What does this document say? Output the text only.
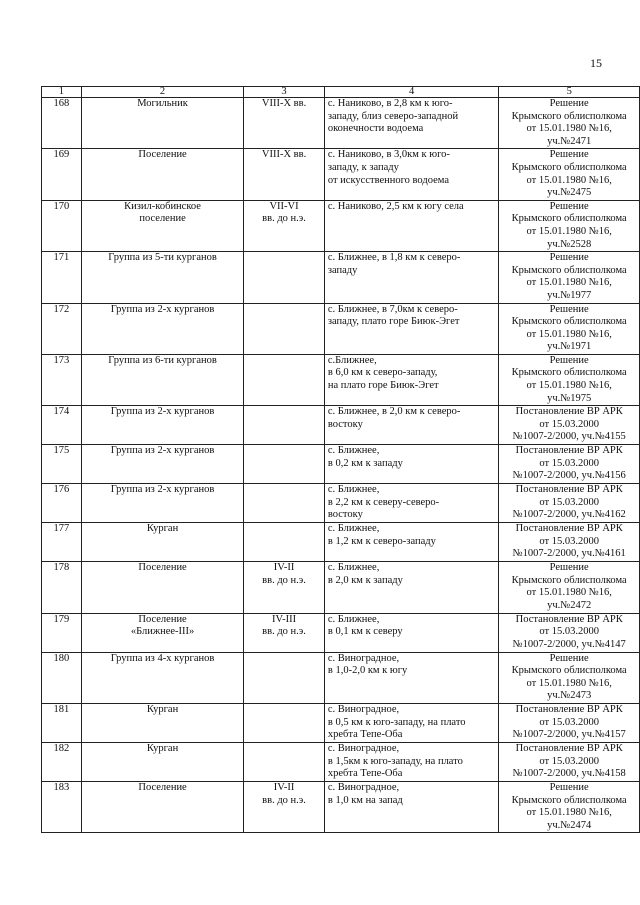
15
1	2	3	4	5
168	Могильник	VIII-X вв.	с. Наниково, в 2,8 км к юго-
западу, близ северо-западной
оконечности водоема	Решение
Крымского облисполкома
от 15.01.1980 №16,
уч.№2471

169	Поселение	VIII-X вв.	с. Наниково, в 3,0км к юго-
западу, к западу
от искусственного водоема	Решение
Крымского облисполкома
от 15.01.1980 №16,
уч.№2475

170	Кизил-кобинское
поселение	VII-VI
вв. до н.э.	с. Наниково, 2,5 км к югу села	Решение
Крымского облисполкома
от 15.01.1980 №16,
уч.№2528

171	Группа из 5-ти курганов		с. Ближнее, в 1,8 км к северо-
западу	Решение
Крымского облисполкома
от 15.01.1980 №16,
уч.№1977

172	Группа из 2-х курганов		с. Ближнее, в 7,0км к северо-
западу, плато горе Биюк-Эгет	Решение
Крымского облисполкома
от 15.01.1980 №16,
уч.№1971

173	Группа из 6-ти курганов		с.Ближнее,
в 6,0 км к северо-западу,
на плато горе Биюк-Эгет	Решение
Крымского облисполкома
от 15.01.1980 №16,
уч.№1975

174	Группа из 2-х курганов		с. Ближнее, в 2,0 км к северо-
востоку	Постановление ВР АРК
от 15.03.2000
№1007-2/2000, уч.№4155

175	Группа из 2-х курганов		с. Ближнее,
в 0,2 км к западу	Постановление ВР АРК
от 15.03.2000
№1007-2/2000, уч.№4156

176	Группа из 2-х курганов		с. Ближнее,
в 2,2 км к северу-северо-
востоку	Постановление ВР АРК
от 15.03.2000
№1007-2/2000, уч.№4162

177	Курган		с. Ближнее,
в 1,2 км к северо-западу	Постановление ВР АРК
от 15.03.2000
№1007-2/2000, уч.№4161

178	Поселение	IV-II
вв. до н.э.	с. Ближнее,
в 2,0 км к западу	Решение
Крымского облисполкома
от 15.01.1980 №16,
уч.№2472

179	Поселение
«Ближнее-III»	IV-III
вв. до н.э.	с. Ближнее,
в 0,1 км к северу	Постановление ВР АРК
от 15.03.2000
№1007-2/2000, уч.№4147

180	Группа из 4-х курганов		с. Виноградное,
в 1,0-2,0 км к югу	Решение
Крымского облисполкома
от 15.01.1980 №16,
уч.№2473

181	Курган		с. Виноградное,
в 0,5 км к юго-западу, на плато
хребта Тепе-Оба	Постановление ВР АРК
от 15.03.2000
№1007-2/2000, уч.№4157

182	Курган		с. Виноградное,
в 1,5км к юго-западу, на плато
хребта Тепе-Оба	Постановление ВР АРК
от 15.03.2000
№1007-2/2000, уч.№4158

183	Поселение	IV-II
вв. до н.э.	с. Виноградное,
в 1,0 км на запад	Решение
Крымского облисполкома
от 15.01.1980 №16,
уч.№2474
